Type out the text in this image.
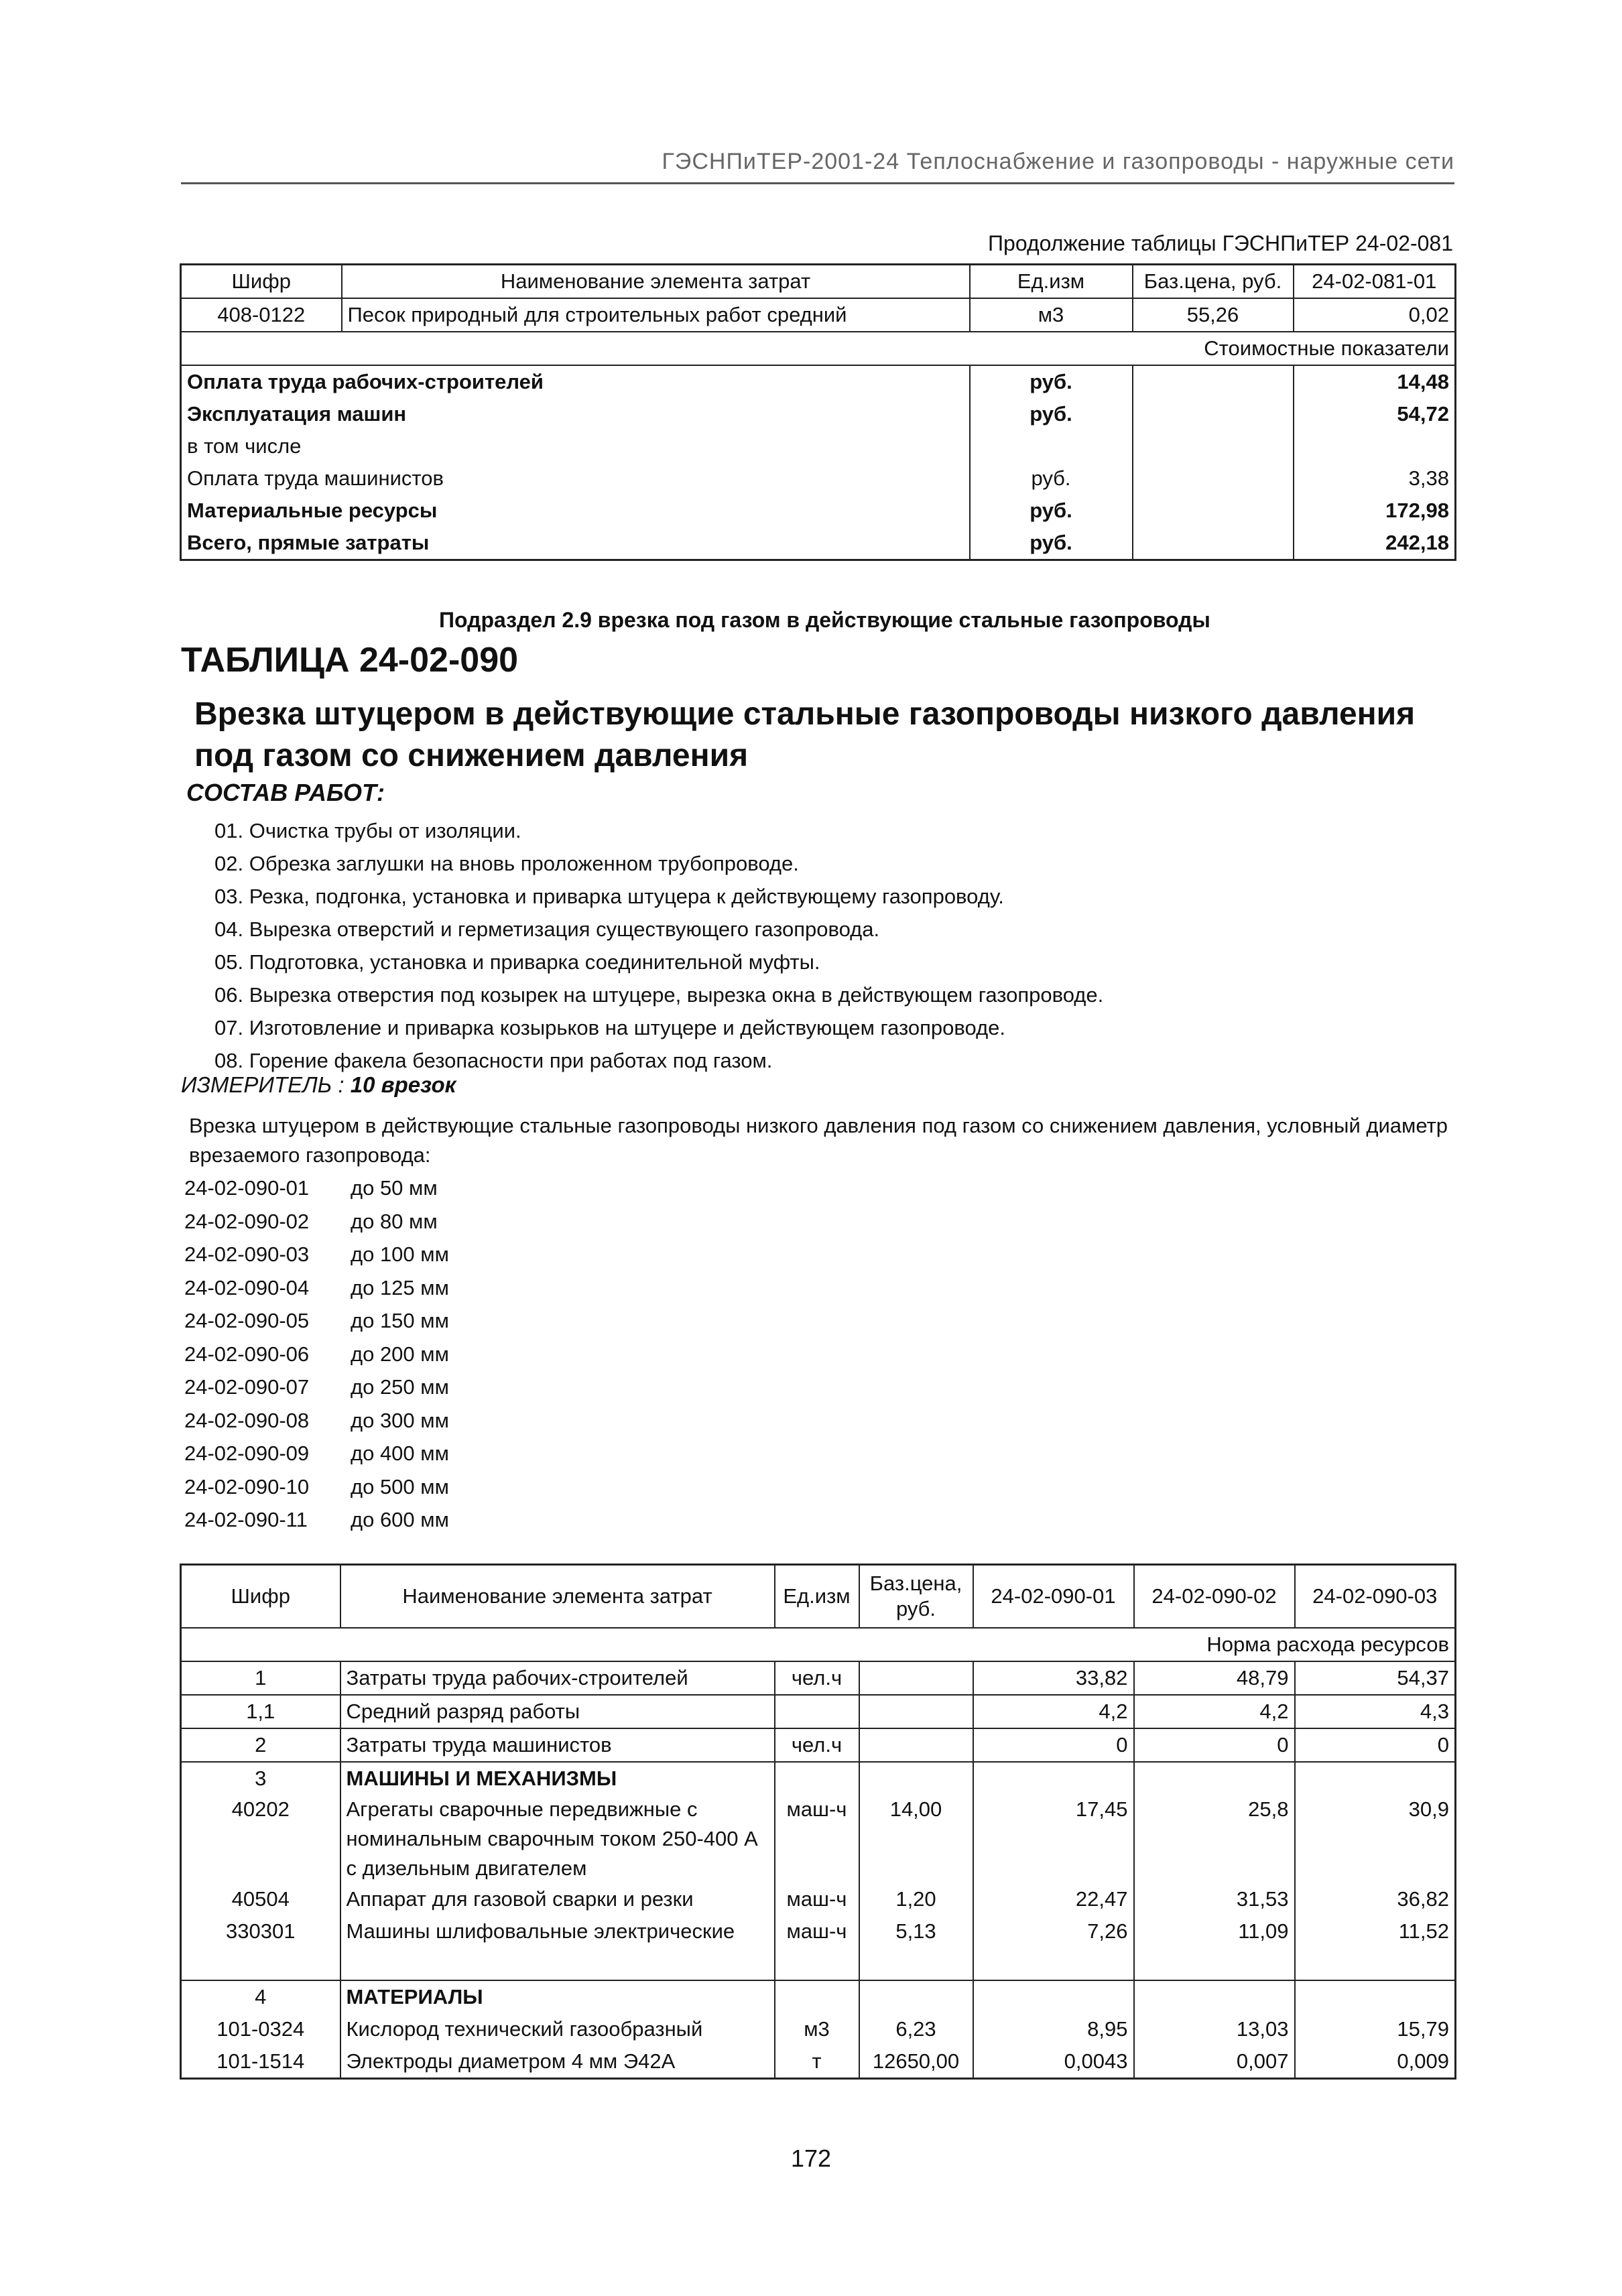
ГЭСНПиТЕР-2001-24 Теплоснабжение и газопроводы - наружные сети
Продолжение таблицы ГЭСНПиТЕР 24-02-081
Шифр	Наименование элемента затрат	Ед.изм	Баз.цена, руб.	24-02-081-01
408-0122	Песок природный для строительных работ средний	м3	55,26	0,02
Стоимостные показатели				
Оплата труда рабочих-строителей		руб.		14,48
Эксплуатация машин		руб.		54,72
в том числе				
Оплата труда машинистов		руб.		3,38
Материальные ресурсы		руб.		172,98
Всего, прямые затраты		руб.		242,18
Подраздел 2.9 врезка под газом в действующие стальные газопроводы
ТАБЛИЦА 24-02-090
Врезка штуцером в действующие стальные газопроводы низкого давления под газом со снижением давления
СОСТАВ РАБОТ:
01. Очистка трубы от изоляции.
02. Обрезка заглушки на вновь проложенном трубопроводе.
03. Резка, подгонка, установка и приварка штуцера к действующему газопроводу.
04. Вырезка отверстий и герметизация существующего газопровода.
05. Подготовка, установка и приварка соединительной муфты.
06. Вырезка отверстия под козырек на штуцере, вырезка окна в действующем газопроводе.
07. Изготовление и приварка козырьков на штуцере и действующем газопроводе.
08. Горение факела безопасности при работах под газом.
ИЗМЕРИТЕЛЬ : 10 врезок
Врезка штуцером в действующие стальные газопроводы низкого давления под газом со снижением давления, условный диаметр врезаемого газопровода:
24-02-090-01 до 50 мм
24-02-090-02 до 80 мм
24-02-090-03 до 100 мм
24-02-090-04 до 125 мм
24-02-090-05 до 150 мм
24-02-090-06 до 200 мм
24-02-090-07 до 250 мм
24-02-090-08 до 300 мм
24-02-090-09 до 400 мм
24-02-090-10 до 500 мм
24-02-090-11 до 600 мм
Шифр	Наименование элемента затрат	Ед.изм	Баз.цена, руб.	24-02-090-01	24-02-090-02	24-02-090-03
Норма расхода ресурсов						
1	Затраты труда рабочих-строителей	чел.ч		33,82	48,79	54,37
1,1	Средний разряд работы			4,2	4,2	4,3
2	Затраты труда машинистов	чел.ч		0	0	0
3	МАШИНЫ И МЕХАНИЗМЫ					
40202	Агрегаты сварочные передвижные с номинальным сварочным током 250-400 А с дизельным двигателем	маш-ч	14,00	17,45	25,8	30,9
40504	Аппарат для газовой сварки и резки	маш-ч	1,20	22,47	31,53	36,82
330301	Машины шлифовальные электрические	маш-ч	5,13	7,26	11,09	11,52

4	МАТЕРИАЛЫ					
101-0324	Кислород технический газообразный	м3	6,23	8,95	13,03	15,79
101-1514	Электроды диаметром 4 мм Э42А	т	12650,00	0,0043	0,007	0,009
172
